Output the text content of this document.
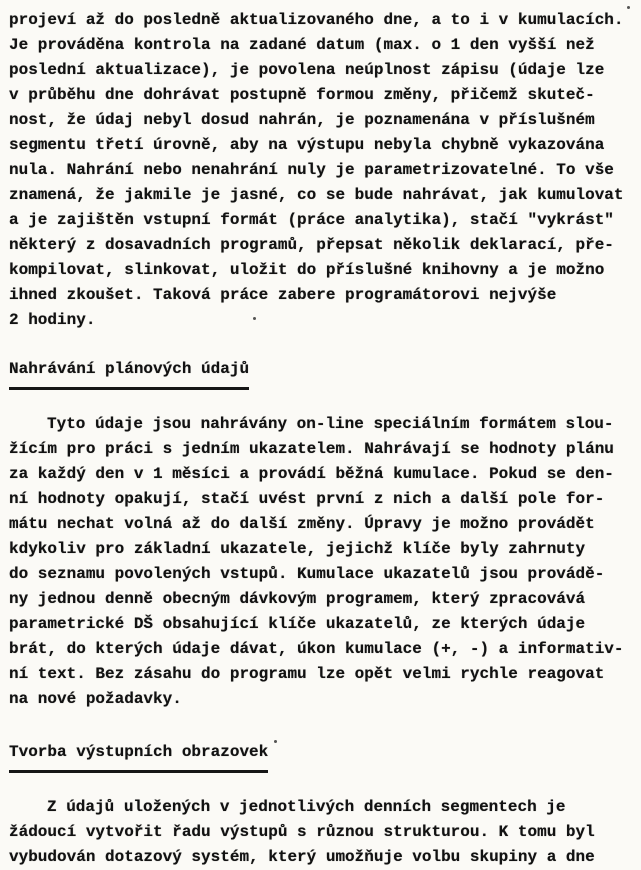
projeví až do posledně aktualizovaného dne, a to i v kumulacích.
Je prováděna kontrola na zadané datum (max. o 1 den vyšší než
poslední aktualizace), je povolena neúplnost zápisu (údaje lze
v průběhu dne dohrávat postupně formou změny, přičemž skuteč-
nost, že údaj nebyl dosud nahrán, je poznamenána v příslušném
segmentu třetí úrovně, aby na výstupu nebyla chybně vykazována
nula. Nahrání nebo nenahrání nuly je parametrizovatelné. To vše
znamená, že jakmile je jasné, co se bude nahrávat, jak kumulovat
a je zajištěn vstupní formát (práce analytika), stačí "vykrást"
některý z dosavadních programů, přepsat několik deklarací, pře-
kompilovat, slinkovat, uložit do příslušné knihovny a je možno
ihned zkoušet. Taková práce zabere programátorovi nejvýše
2 hodiny.
Nahrávání plánových údajů
Tyto údaje jsou nahrávány on-line speciálním formátem slou-
žícím pro práci s jedním ukazatelem. Nahrávají se hodnoty plánu
za každý den v 1 měsíci a provádí běžná kumulace. Pokud se den-
ní hodnoty opakují, stačí uvést první z nich a další pole for-
mátu nechat volná až do další změny. Úpravy je možno provádět
kdykoliv pro základní ukazatele, jejichž klíče byly zahrnuty
do seznamu povolených vstupů. Kumulace ukazatelů jsou provádě-
ny jednou denně obecným dávkovým programem, který zpracovává
parametrické DŠ obsahující klíče ukazatelů, ze kterých údaje
brát, do kterých údaje dávat, úkon kumulace (+, -) a informativ-
ní text. Bez zásahu do programu lze opět velmi rychle reagovat
na nové požadavky.
Tvorba výstupních obrazovek
Z údajů uložených v jednotlivých denních segmentech je
žádoucí vytvořit řadu výstupů s různou strukturou. K tomu byl
vybudován dotazový systém, který umožňuje volbu skupiny a dne
